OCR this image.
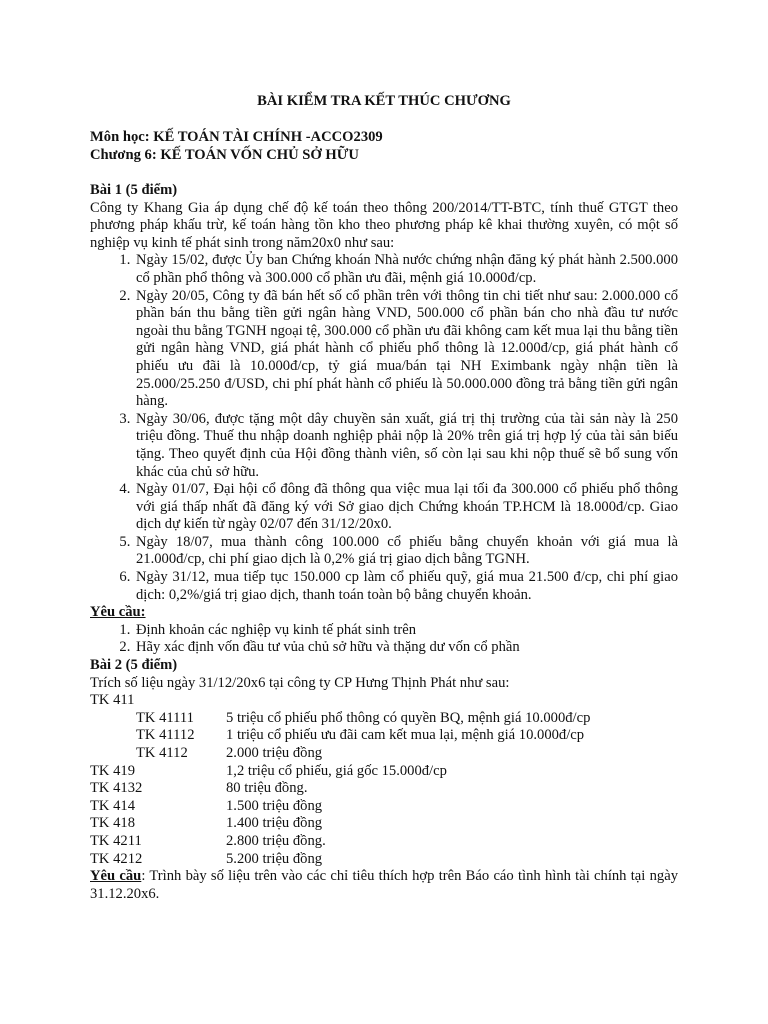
BÀI KIỂM TRA KẾT THÚC CHƯƠNG

Môn học: KẾ TOÁN TÀI CHÍNH -ACCO2309
Chương 6: KẾ TOÁN VỐN CHỦ SỞ HỮU

Bài 1 (5 điểm)

Công ty Khang Gia áp dụng chế độ kế toán theo thông 200/2014/TT-BTC, tính thuế GTGT theo phương pháp khấu trừ, kế toán hàng tồn kho theo phương pháp kê khai thường xuyên, có một số nghiệp vụ kinh tế phát sinh trong năm20x0 như sau:

1. Ngày 15/02, được Ủy ban Chứng khoán Nhà nước chứng nhận đăng ký phát hành 2.500.000 cổ phần phổ thông và 300.000 cổ phần ưu đãi, mệnh giá 10.000đ/cp.
2. Ngày 20/05, Công ty đã bán hết số cổ phần trên với thông tin chi tiết như sau: 2.000.000 cổ phần bán thu bằng tiền gửi ngân hàng VND, 500.000 cổ phần bán cho nhà đầu tư nước ngoài thu bằng TGNH ngoại tệ, 300.000 cổ phần ưu đãi không cam kết mua lại thu bằng tiền gửi ngân hàng VND, giá phát hành cổ phiếu phổ thông là 12.000đ/cp, giá phát hành cổ phiếu ưu đãi là 10.000đ/cp, tỷ giá mua/bán tại NH Eximbank ngày nhận tiền là 25.000/25.250 đ/USD, chi phí phát hành cổ phiếu là 50.000.000 đồng trả bằng tiền gửi ngân hàng.
3. Ngày 30/06, được tặng một dây chuyền sản xuất, giá trị thị trường của tài sản này là 250 triệu đồng. Thuế thu nhập doanh nghiệp phải nộp là 20% trên giá trị hợp lý của tài sản biếu tặng. Theo quyết định của Hội đồng thành viên, số còn lại sau khi nộp thuế sẽ bổ sung vốn khác của chủ sở hữu.
4. Ngày 01/07, Đại hội cổ đông đã thông qua việc mua lại tối đa 300.000 cổ phiếu phổ thông với giá thấp nhất đã đăng ký với Sở giao dịch Chứng khoán TP.HCM là 18.000đ/cp. Giao dịch dự kiến từ ngày 02/07 đến 31/12/20x0.
5. Ngày 18/07, mua thành công 100.000 cổ phiếu bằng chuyển khoản với giá mua là 21.000đ/cp, chi phí giao dịch là 0,2% giá trị giao dịch bằng TGNH.
6. Ngày 31/12, mua tiếp tục 150.000 cp làm cổ phiếu quỹ, giá mua 21.500 đ/cp, chi phí giao dịch: 0,2%/giá trị giao dịch, thanh toán toàn bộ bằng chuyển khoản.

Yêu cầu:

1. Định khoản các nghiệp vụ kinh tế phát sinh trên
2. Hãy xác định vốn đầu tư vủa chủ sở hữu và thặng dư vốn cổ phần

Bài 2 (5 điểm)

Trích số liệu ngày 31/12/20x6 tại công ty CP Hưng Thịnh Phát như sau:

TK 411
TK 41111	5 triệu cổ phiếu phổ thông có quyền BQ, mệnh giá 10.000đ/cp
TK 41112	1 triệu cổ phiếu ưu đãi cam kết mua lại, mệnh giá 10.000đ/cp
TK 4112	2.000 triệu đồng
TK 419	1,2 triệu cổ phiếu, giá gốc 15.000đ/cp
TK 4132	80 triệu đồng.
TK 414	1.500 triệu đồng
TK 418	1.400 triệu đồng
TK 4211	2.800 triệu đồng.
TK 4212	5.200 triệu đồng

Yêu cầu: Trình bày số liệu trên vào các chỉ tiêu thích hợp trên Báo cáo tình hình tài chính tại ngày 31.12.20x6.
